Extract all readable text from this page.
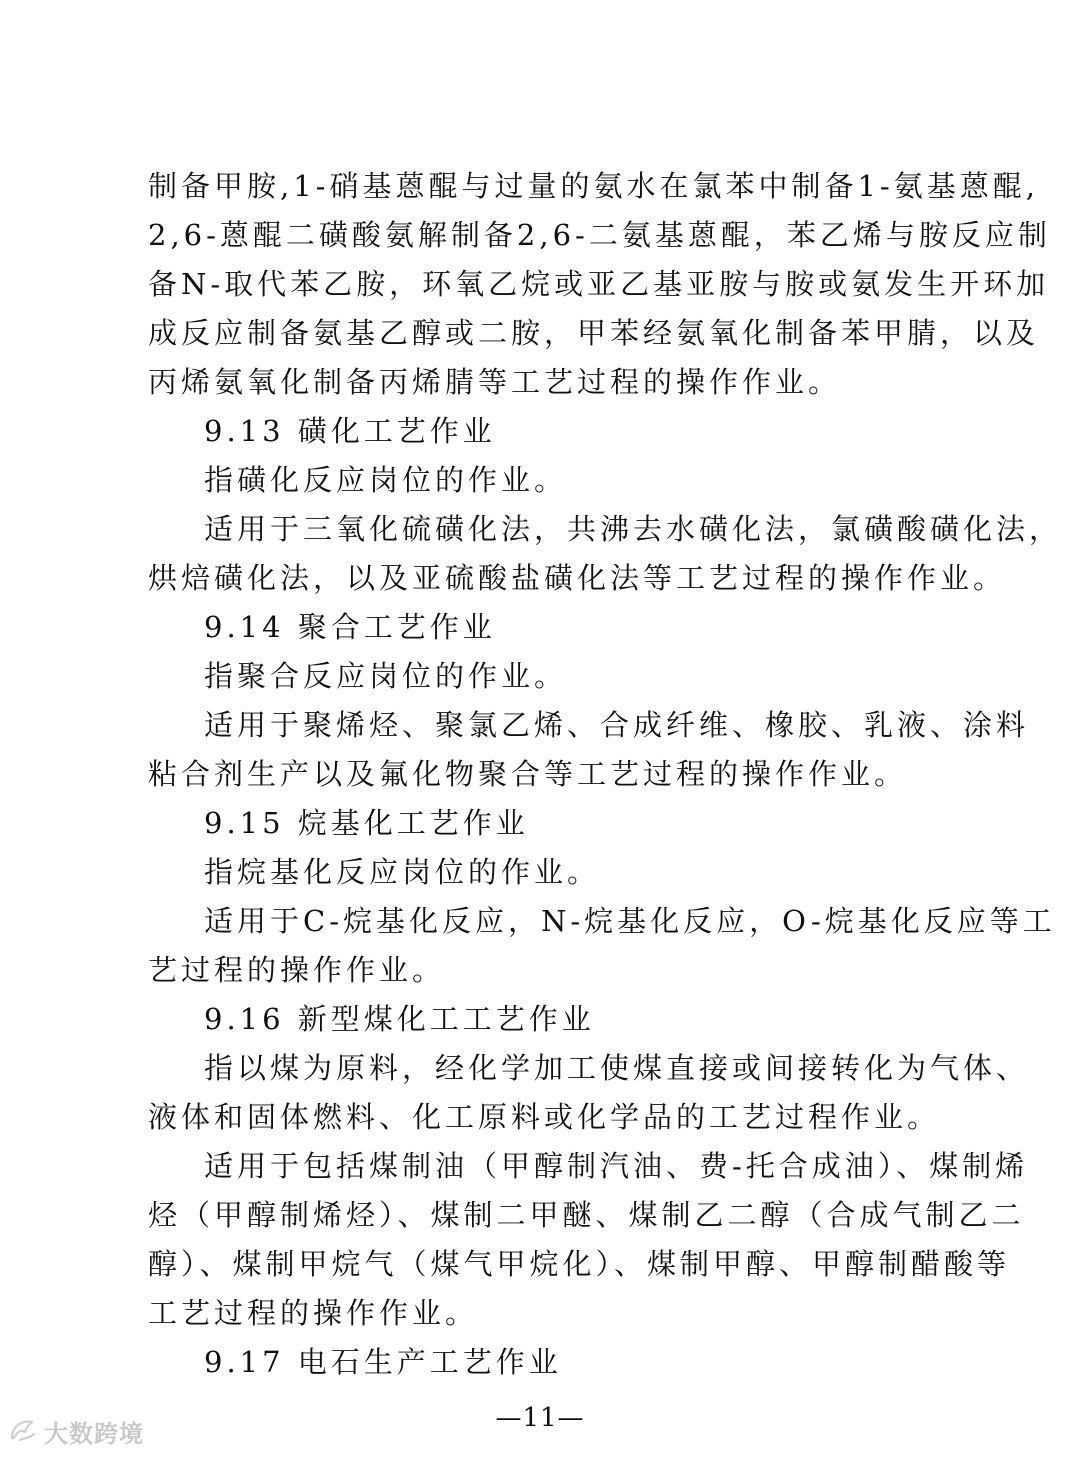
制备甲胺,1-硝基蒽醌与过量的氨水在氯苯中制备1-氨基蒽醌,
2,6-蒽醌二磺酸氨解制备2,6-二氨基蒽醌，苯乙烯与胺反应制
备N-取代苯乙胺，环氧乙烷或亚乙基亚胺与胺或氨发生开环加
成反应制备氨基乙醇或二胺，甲苯经氨氧化制备苯甲腈，以及
丙烯氨氧化制备丙烯腈等工艺过程的操作作业。
9.13 磺化工艺作业
指磺化反应岗位的作业。
适用于三氧化硫磺化法，共沸去水磺化法，氯磺酸磺化法，
烘焙磺化法，以及亚硫酸盐磺化法等工艺过程的操作作业。
9.14 聚合工艺作业
指聚合反应岗位的作业。
适用于聚烯烃、聚氯乙烯、合成纤维、橡胶、乳液、涂料
粘合剂生产以及氟化物聚合等工艺过程的操作作业。
9.15 烷基化工艺作业
指烷基化反应岗位的作业。
适用于C-烷基化反应，N-烷基化反应，O-烷基化反应等工
艺过程的操作作业。
9.16 新型煤化工工艺作业
指以煤为原料，经化学加工使煤直接或间接转化为气体、
液体和固体燃料、化工原料或化学品的工艺过程作业。
适用于包括煤制油（甲醇制汽油、费-托合成油）、煤制烯
烃（甲醇制烯烃）、煤制二甲醚、煤制乙二醇（合成气制乙二
醇）、煤制甲烷气（煤气甲烷化）、煤制甲醇、甲醇制醋酸等
工艺过程的操作作业。
9.17 电石生产工艺作业
—11—
大数跨境
